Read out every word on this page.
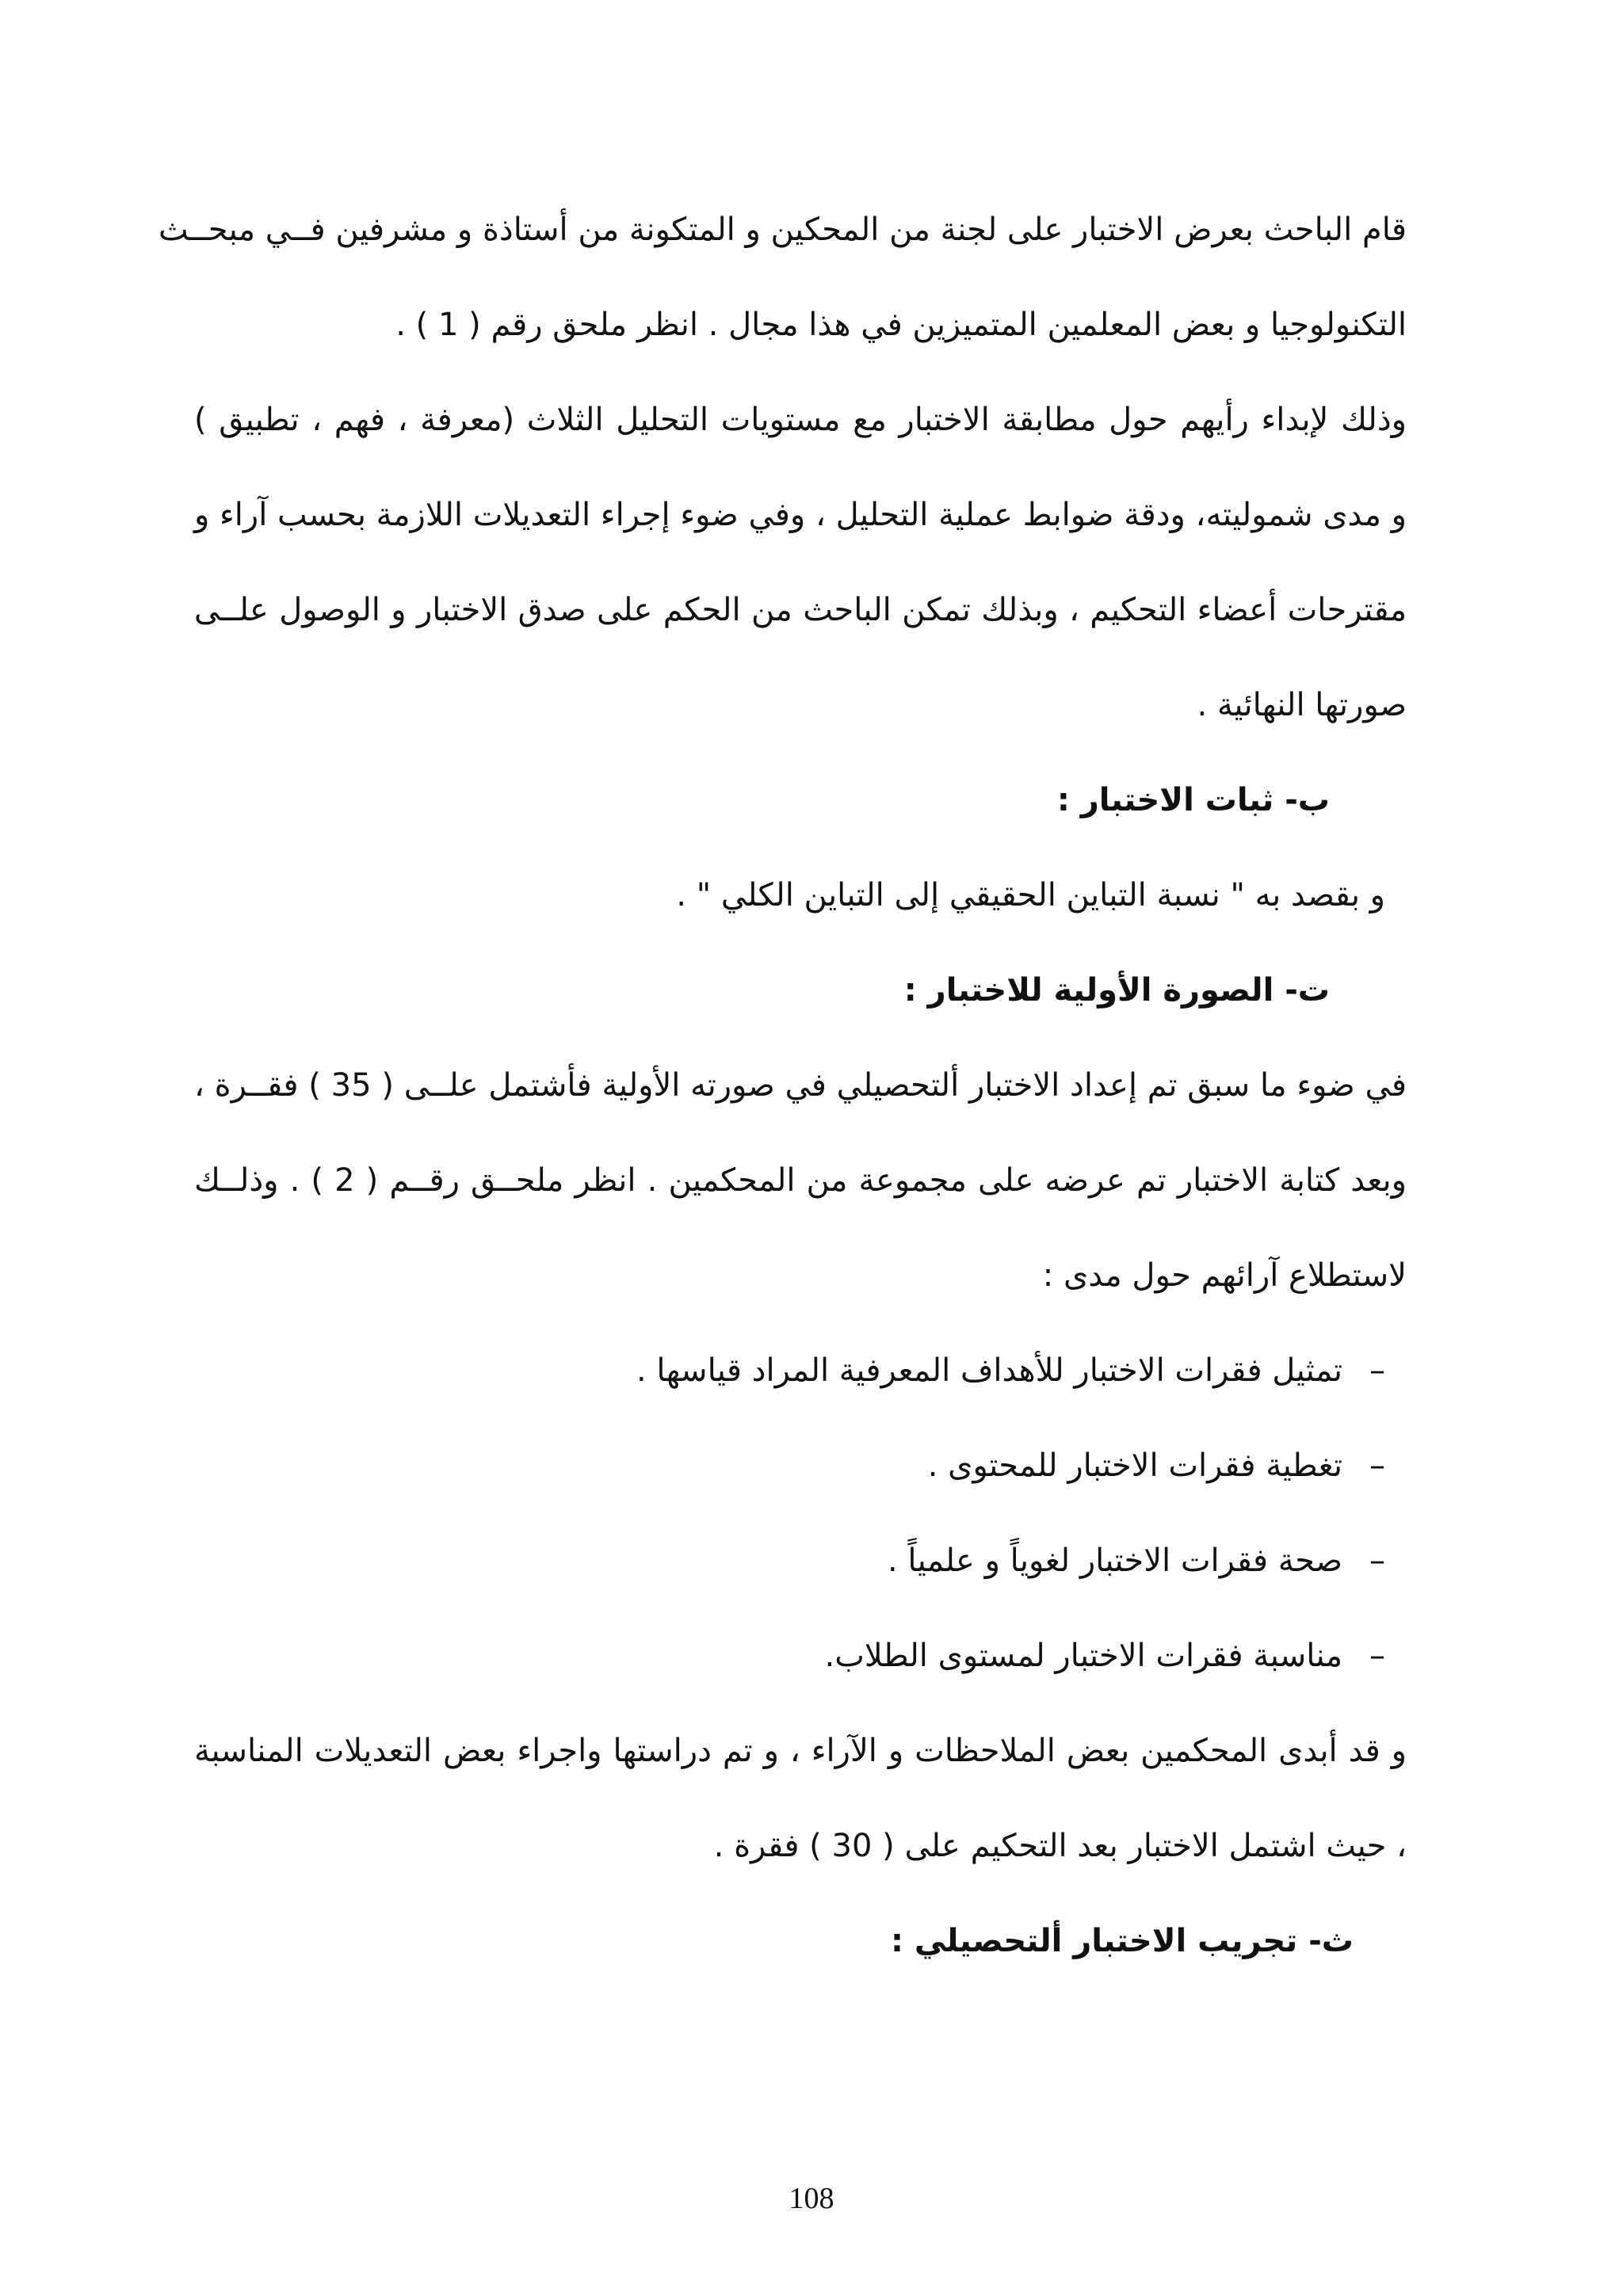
قام الباحث بعرض الاختبار على لجنة من المحكين و المتكونة من أستاذة و مشرفين فــي مبحــث
التكنولوجيا و بعض المعلمين المتميزين في هذا مجال . انظر ملحق رقم ( 1 ) .
وذلك لإبداء رأيهم حول مطابقة الاختبار مع مستويات التحليل الثلاث (معرفة ، فهم ، تطبيق )
و مدى شموليته، ودقة ضوابط عملية التحليل ، وفي ضوء إجراء التعديلات اللازمة بحسب آراء و
مقترحات أعضاء التحكيم ، وبذلك تمكن الباحث من الحكم على صدق الاختبار و الوصول علــى
صورتها النهائية .
ب- ثبات الاختبار :
و بقصد به " نسبة التباين الحقيقي إلى التباين الكلي " .
ت- الصورة الأولية للاختبار :
في ضوء ما سبق تم إعداد الاختبار ألتحصيلي في صورته الأولية فأشتمل علــى ( 35 ) فقــرة ،
وبعد كتابة الاختبار تم عرضه على مجموعة من المحكمين . انظر ملحــق رقــم ( 2 ) . وذلــك
لاستطلاع آرائهم حول مدى :
–تمثيل فقرات الاختبار للأهداف المعرفية المراد قياسها .
–تغطية فقرات الاختبار للمحتوى .
–صحة فقرات الاختبار لغوياً و علمياً .
–مناسبة فقرات الاختبار لمستوى الطلاب.
و قد أبدى المحكمين بعض الملاحظات و الآراء ، و تم دراستها واجراء بعض التعديلات المناسبة
، حيث اشتمل الاختبار بعد التحكيم على ( 30 ) فقرة .
ث- تجريب الاختبار ألتحصيلي :
108
